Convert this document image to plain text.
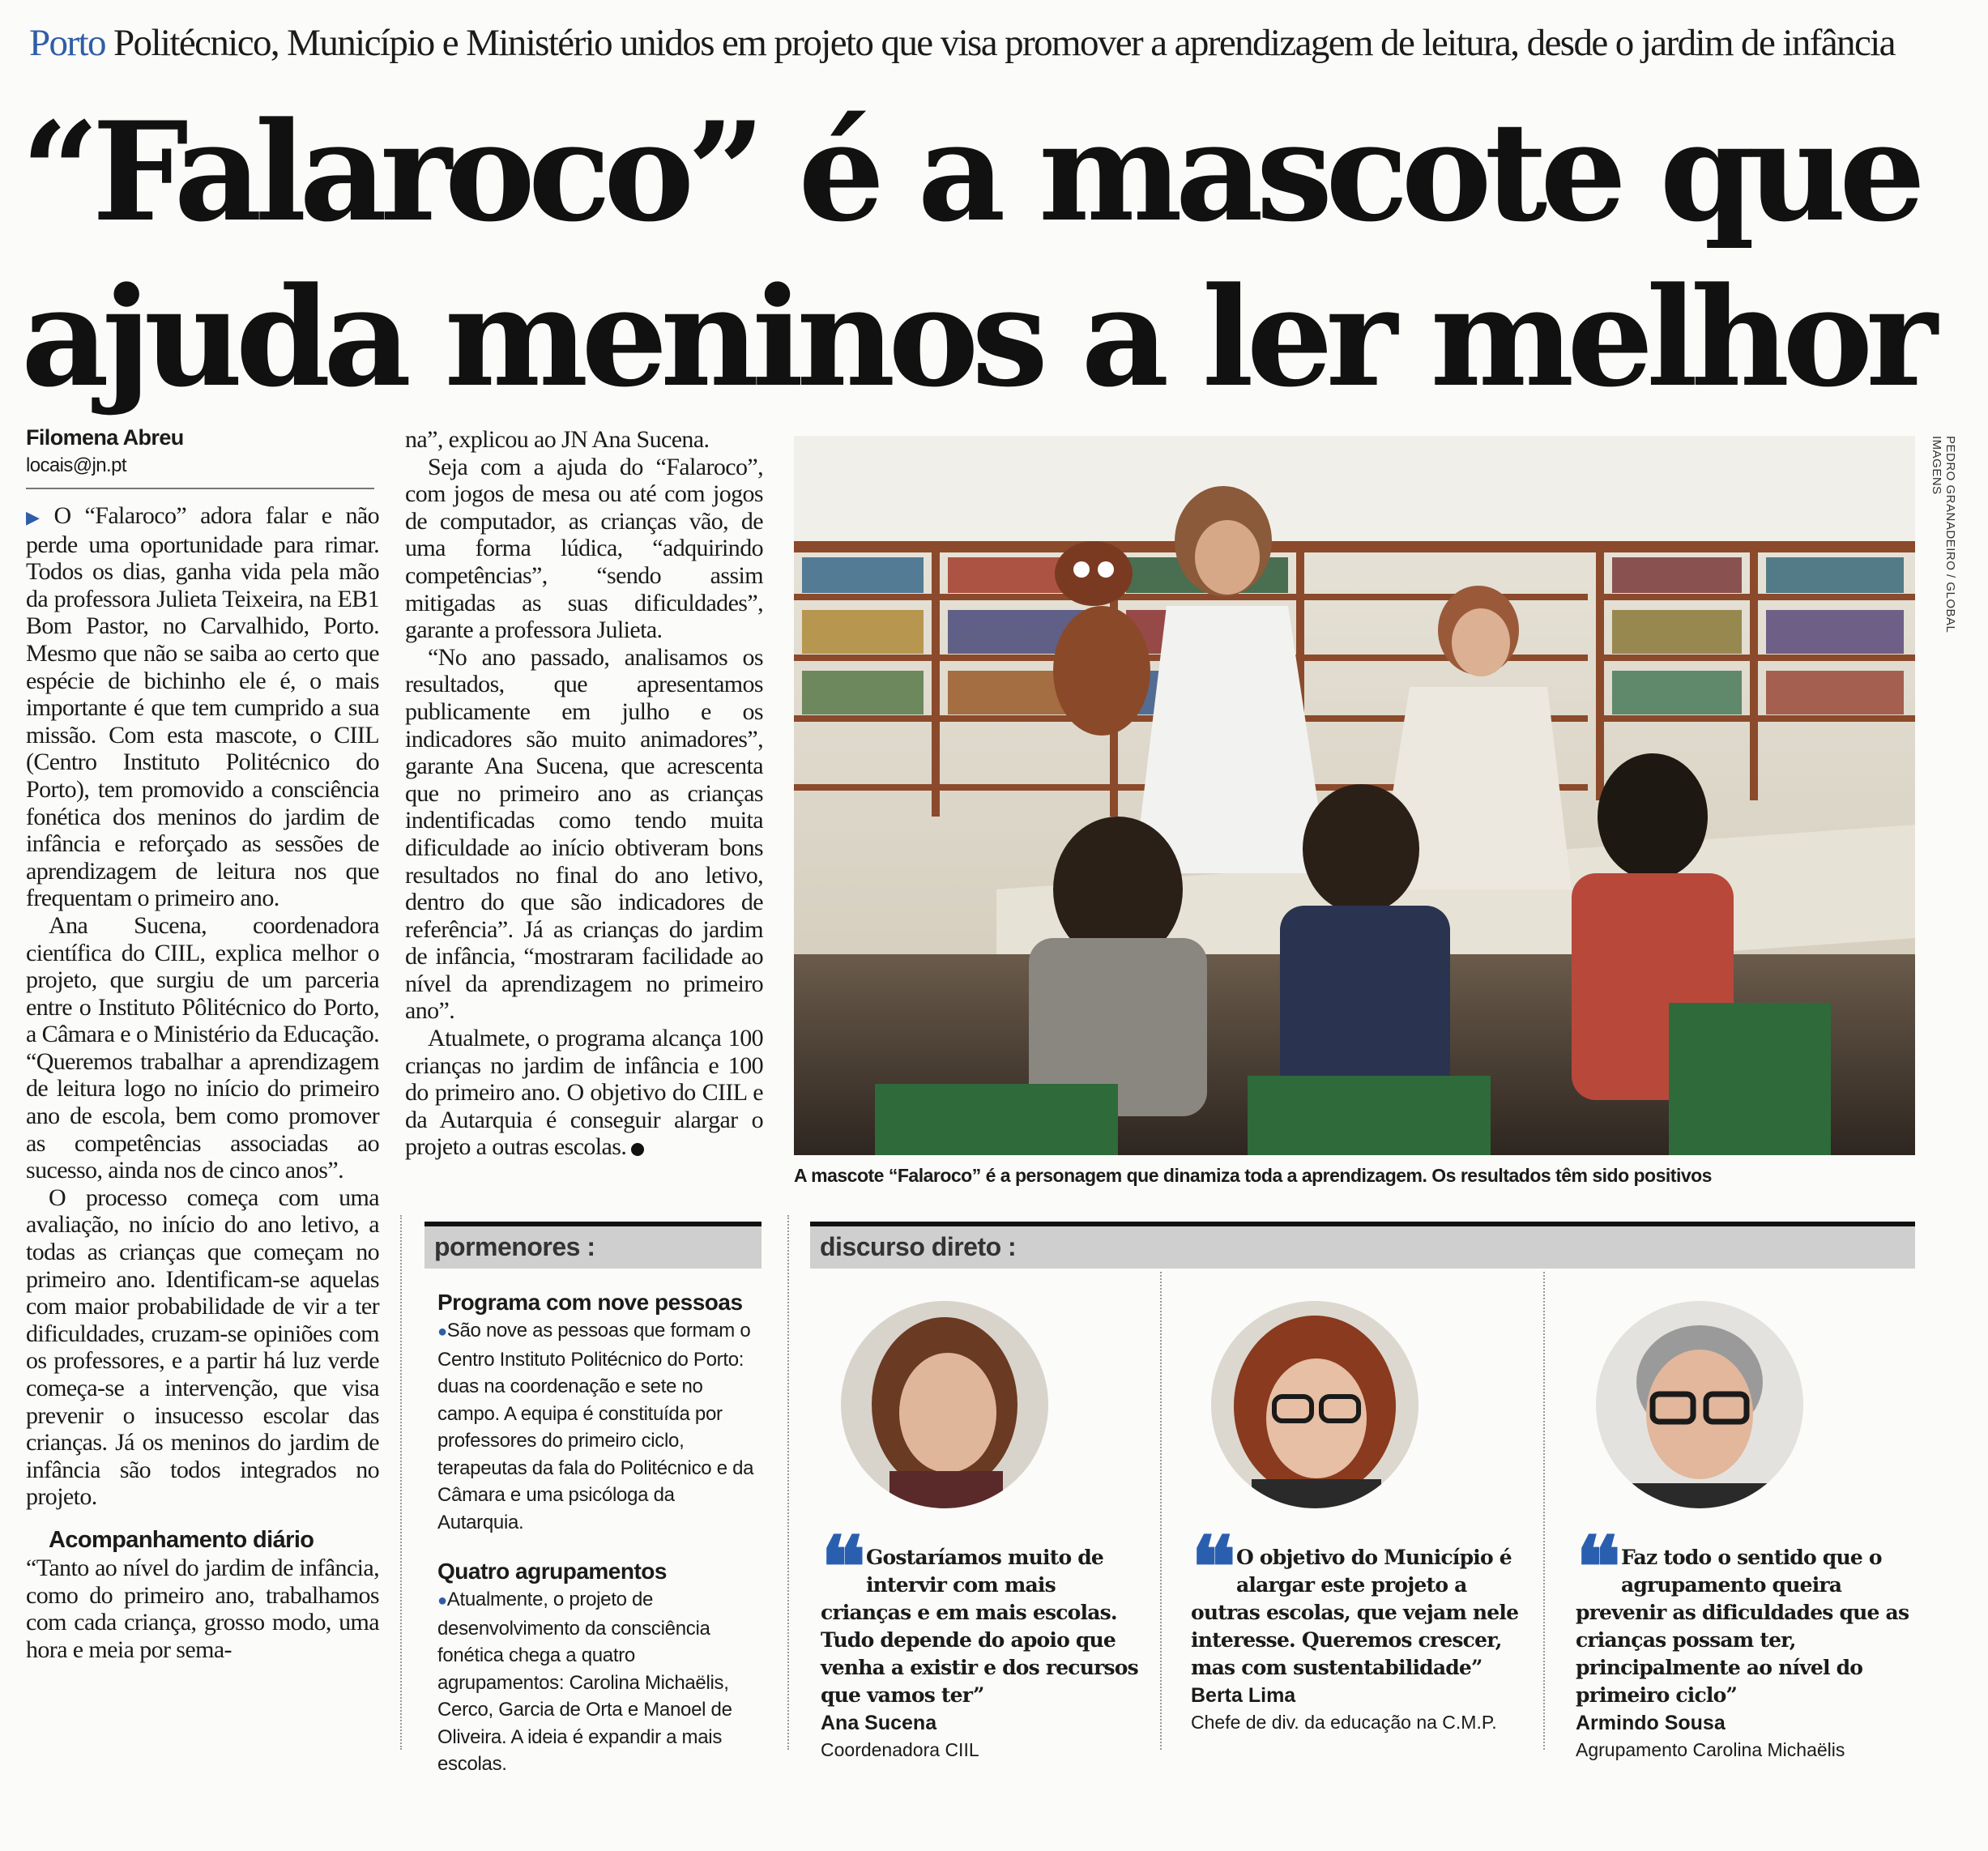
Porto Politécnico, Município e Ministério unidos em projeto que visa promover a aprendizagem de leitura, desde o jardim de infância
“Falaroco” é a mascote que
ajuda meninos a ler melhor
Filomena Abreu
locais@jn.pt

▶ O “Falaroco” adora falar e não perde uma oportunidade para rimar. Todos os dias, ganha vida pela mão da professora Julieta Teixeira, na EB1 Bom Pastor, no Carvalhido, Porto. Mesmo que não se saiba ao certo que espécie de bichinho ele é, o mais importante é que tem cumprido a sua missão. Com esta mascote, o CIIL (Centro Instituto Politécnico do Porto), tem promovido a consciência fonética dos meninos do jardim de infância e reforçado as sessões de aprendizagem de leitura nos que frequentam o primeiro ano.

Ana Sucena, coordenadora científica do CIIL, explica melhor o projeto, que surgiu de um parceria entre o Instituto Pôlitécnico do Porto, a Câmara e o Ministério da Educação. “Queremos trabalhar a aprendizagem de leitura logo no início do primeiro ano de escola, bem como promover as competências associadas ao sucesso, ainda nos de cinco anos”.

O processo começa com uma avaliação, no início do ano letivo, a todas as crianças que começam no primeiro ano. Identificam-se aquelas com maior probabilidade de vir a ter dificuldades, cruzam-se opiniões com os professores, e a partir há luz verde começa-se a intervenção, que visa prevenir o insucesso escolar das crianças. Já os meninos do jardim de infância são todos integrados no projeto.

Acompanhamento diário

“Tanto ao nível do jardim de infância, como do primeiro ano, trabalhamos com cada criança, grosso modo, uma hora e meia por sema-

na”, explicou ao JN Ana Sucena.

Seja com a ajuda do “Falaroco”, com jogos de mesa ou até com jogos de computador, as crianças vão, de uma forma lúdica, “adquirindo competências”, “sendo assim mitigadas as suas dificuldades”, garante a professora Julieta.

“No ano passado, analisamos os resultados, que apresentamos publicamente em julho e os indicadores são muito animadores”, garante Ana Sucena, que acrescenta que no primeiro ano as crianças indentificadas como tendo muita dificuldade ao início obtiveram bons resultados no final do ano letivo, dentro do que são indicadores de referência”. Já as crianças do jardim de infância, “mostraram facilidade ao nível da aprendizagem no primeiro ano”.

Atualmete, o programa alcança 100 crianças no jardim de infância e 100 do primeiro ano. O objetivo do CIIL e da Autarquia é conseguir alargar o projeto a outras escolas.

PEDRO GRANADEIRO / GLOBAL IMAGENS
A mascote “Falaroco” é a personagem que dinamiza toda a aprendizagem. Os resultados têm sido positivos
pormenores :
Programa com nove pessoas

●São nove as pessoas que formam o Centro Instituto Politécnico do Porto: duas na coordenação e sete no campo. A equipa é constituída por professores do primeiro ciclo, terapeutas da fala do Politécnico e da Câmara e uma psicóloga da Autarquia.

Quatro agrupamentos

●Atualmente, o projeto de desenvolvimento da consciência fonética chega a quatro agrupamentos: Carolina Michaëlis, Cerco, Garcia de Orta e Manoel de Oliveira. A ideia é expandir a mais escolas.

discurso direto :
❝ Gostaríamos muito de intervir com mais crianças e em mais escolas. Tudo depende do apoio que venha a existir e dos recursos que vamos ter”
Ana Sucena
Coordenadora CIIL
❝ O objetivo do Município é alargar este projeto a outras escolas, que vejam nele interesse. Queremos crescer, mas com sustentabilidade”
Berta Lima
Chefe de div. da educação na C.M.P.
❝ Faz todo o sentido que o agrupamento queira prevenir as dificuldades que as crianças possam ter, principalmente ao nível do primeiro ciclo”
Armindo Sousa
Agrupamento Carolina Michaëlis
